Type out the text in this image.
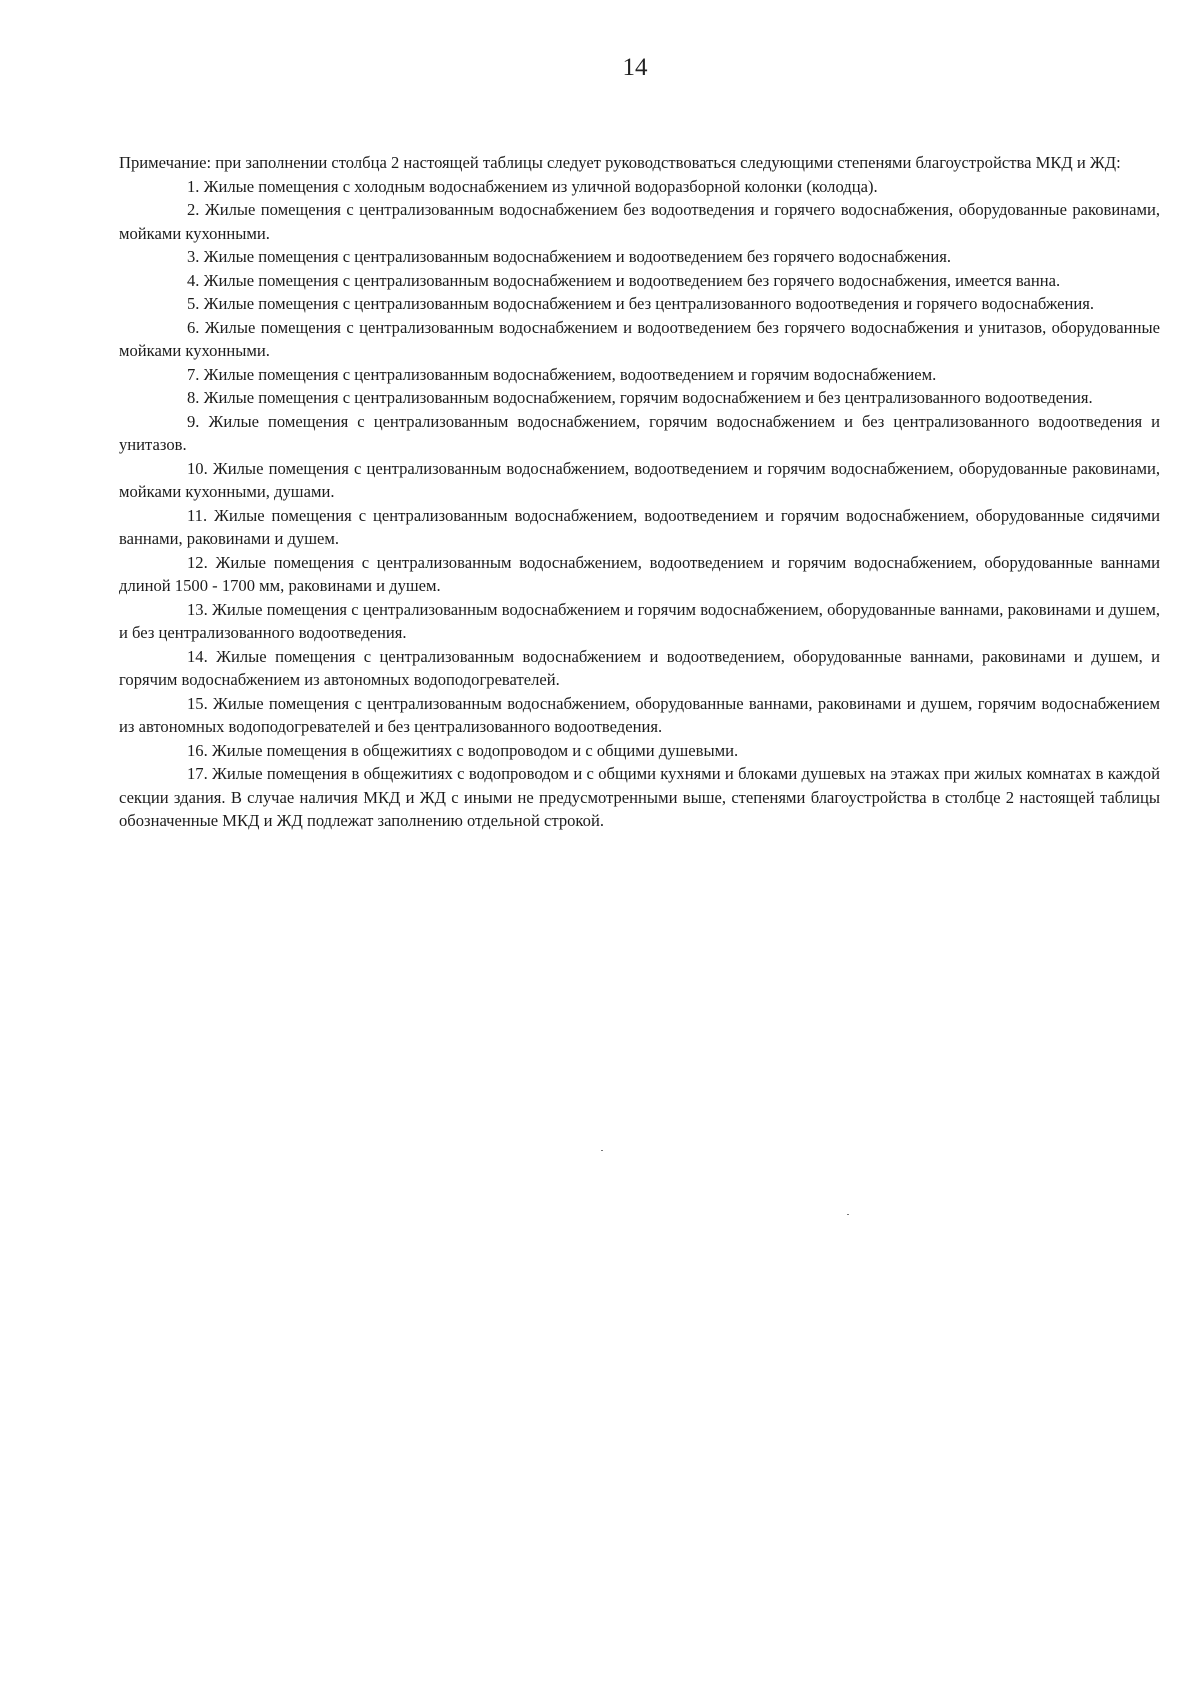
14

Примечание: при заполнении столбца 2 настоящей таблицы следует руководствоваться следующими степенями благоустройства МКД и ЖД:

1. Жилые помещения с холодным водоснабжением из уличной водоразборной колонки (колодца).

2. Жилые помещения с централизованным водоснабжением без водоотведения и горячего водоснабжения, оборудованные раковинами, мойками кухонными.

3. Жилые помещения с централизованным водоснабжением и водоотведением без горячего водоснабжения.

4. Жилые помещения с централизованным водоснабжением и водоотведением без горячего водоснабжения, имеется ванна.

5. Жилые помещения с централизованным водоснабжением и без централизованного водоотведения и горячего водоснабжения.

6. Жилые помещения с централизованным водоснабжением и водоотведением без горячего водоснабжения и унитазов, оборудованные мойками кухонными.

7. Жилые помещения с централизованным водоснабжением, водоотведением и горячим водоснабжением.

8. Жилые помещения с централизованным водоснабжением, горячим водоснабжением и без централизованного водоотведения.

9. Жилые помещения с централизованным водоснабжением, горячим водоснабжением и без централизованного водоотведения и унитазов.

10. Жилые помещения с централизованным водоснабжением, водоотведением и горячим водоснабжением, оборудованные раковинами, мойками кухонными, душами.

11. Жилые помещения с централизованным водоснабжением, водоотведением и горячим водоснабжением, оборудованные сидячими ваннами, раковинами и душем.

12. Жилые помещения с централизованным водоснабжением, водоотведением и горячим водоснабжением, оборудованные ваннами длиной 1500 - 1700 мм, раковинами и душем.

13. Жилые помещения с централизованным водоснабжением и горячим водоснабжением, оборудованные ваннами, раковинами и душем, и без централизованного водоотведения.

14. Жилые помещения с централизованным водоснабжением и водоотведением, оборудованные ваннами, раковинами и душем, и горячим водоснабжением из автономных водоподогревателей.

15. Жилые помещения с централизованным водоснабжением, оборудованные ваннами, раковинами и душем, горячим водоснабжением из автономных водоподогревателей и без централизованного водоотведения.

16. Жилые помещения в общежитиях с водопроводом и с общими душевыми.

17. Жилые помещения в общежитиях с водопроводом и с общими кухнями и блоками душевых на этажах при жилых комнатах в каждой секции здания. В случае наличия МКД и ЖД с иными не предусмотренными выше, степенями благоустройства в столбце 2 настоящей таблицы обозначенные МКД и ЖД подлежат заполнению отдельной строкой.
